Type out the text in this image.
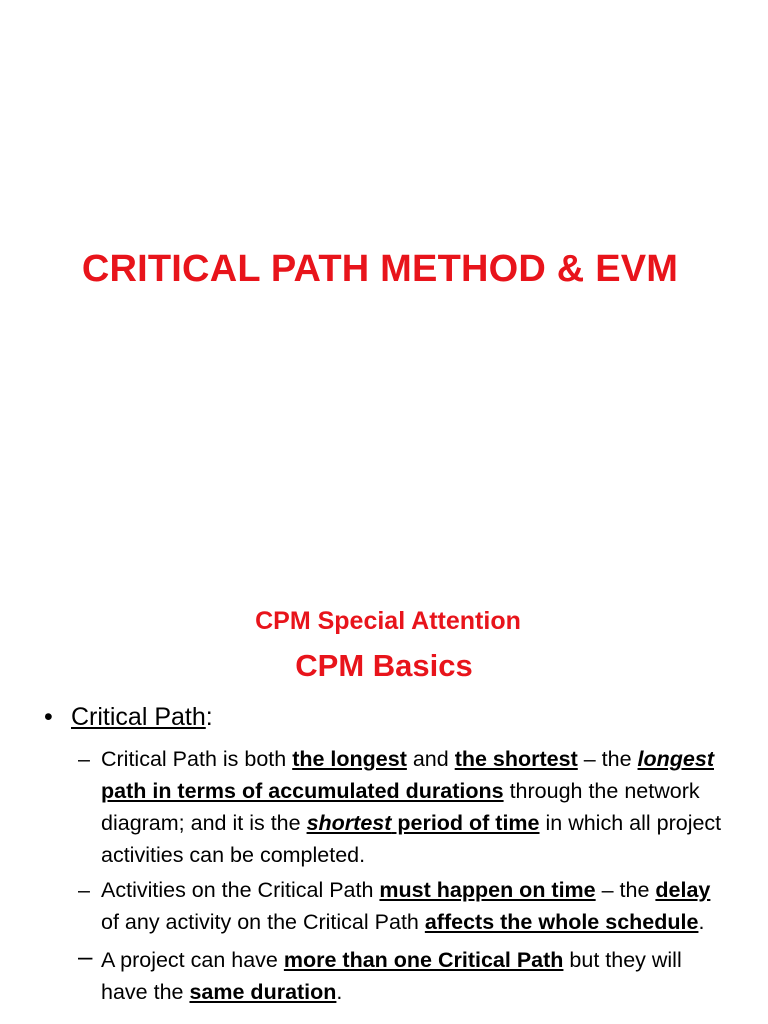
CRITICAL PATH METHOD & EVM
CPM Special Attention
CPM Basics
• Critical Path:
– Critical Path is both the longest and the shortest – the longest path in terms of accumulated durations through the network diagram; and it is the shortest period of time in which all project activities can be completed.
– Activities on the Critical Path must happen on time – the delay of any activity on the Critical Path affects the whole schedule.
– A project can have more than one Critical Path but they will have the same duration.
